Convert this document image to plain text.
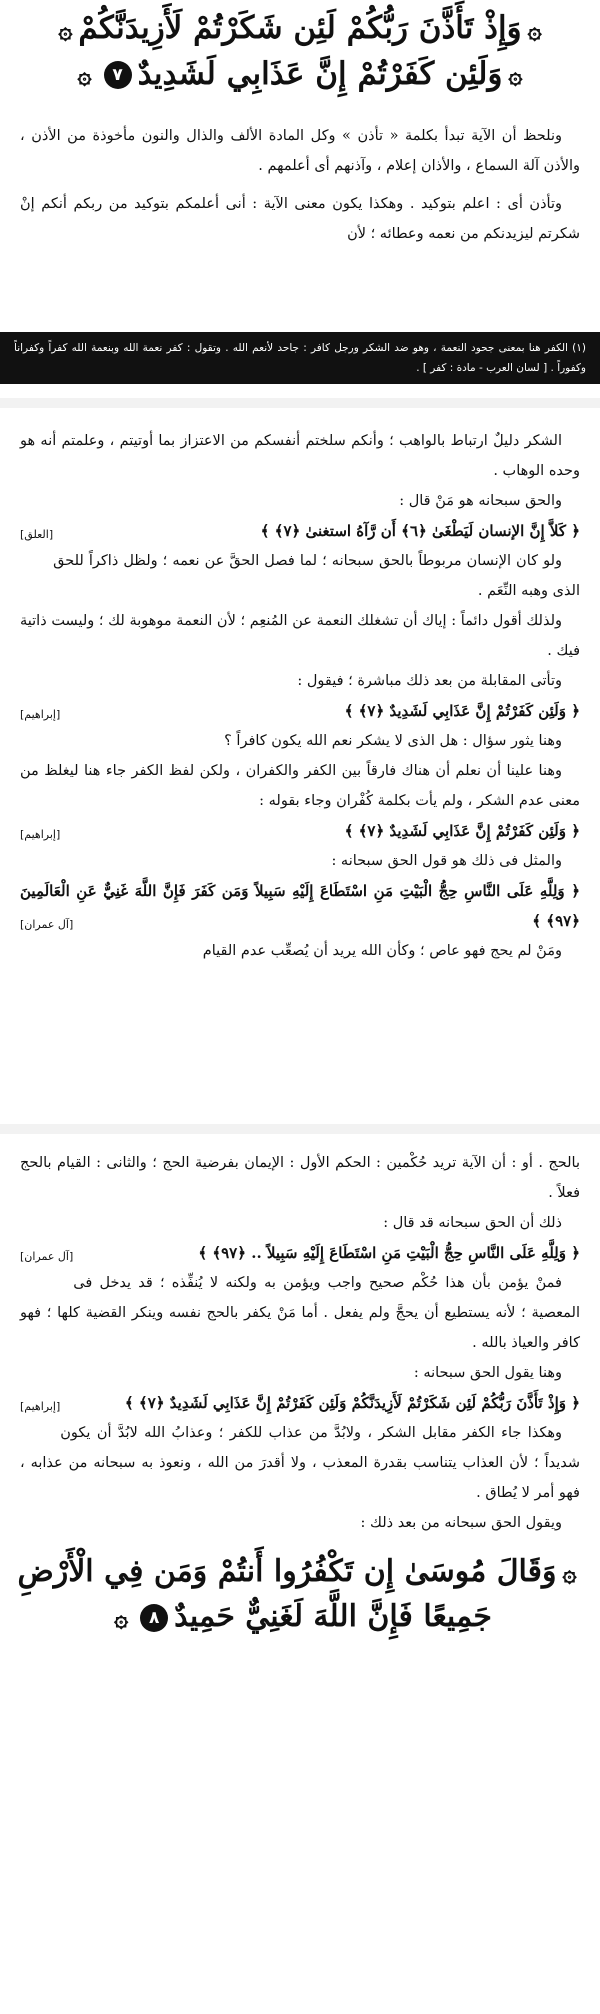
۞وَإِذْ تَأَذَّنَ رَبُّكُمْ لَئِن شَكَرْتُمْ لَأَزِيدَنَّكُمْ۞
۞وَلَئِن كَفَرْتُمْ إِنَّ عَذَابِي لَشَدِيدٌ٧۞

ونلحظ أن الآية تبدأ بكلمة « تأذن » وكل المادة الألف والذال والنون مأخوذة من الأذن ، والأذن آلة السماع ، والأذان إعلام ، وآذنهم أى أعلمهم .

وتأذن أى : اعلم بتوكيد . وهكذا يكون معنى الآية : أنى أعلمكم بتوكيد من ربكم أنكم إنْ شكرتم ليزيدنكم من نعمه وعطائه ؛ لأن

(١) الكفر هنا بمعنى جحود النعمة ، وهو ضد الشكر ورجل كافر : جاحد لأنعم الله . وتقول : كفر نعمة الله وبنعمة الله كفراً وكفراناً وكفوراً . [ لسان العرب - مادة : كفر ] .

الشكر دليلٌ ارتباط بالواهب ؛ وأنكم سلختم أنفسكم من الاعتزاز بما أوتيتم ، وعلمتم أنه هو وحده الوهاب .

والحق سبحانه هو مَنْ قال :

﴿ كَلاَّ إِنَّ الإنسان لَيَطْغَىٰ ﴿٦﴾ أَن رَّآهُ استغنىٰ ﴿٧﴾ ﴾
[العلق]

ولو كان الإنسان مربوطاً بالحق سبحانه ؛ لما فصل الحقَّ عن نعمه ؛ ولظل ذاكراً للحق الذى وهبه النِّعَم .

ولذلك أقول دائماً : إياك أن تشغلك النعمة عن المُنعِم ؛ لأن النعمة موهوبة لك ؛ وليست ذاتية فيك .

وتأتى المقابلة من بعد ذلك مباشرة ؛ فيقول :

﴿ وَلَئِن كَفَرْتُمْ إِنَّ عَذَابِي لَشَدِيدٌ ﴿٧﴾ ﴾
[إبراهيم]

وهنا يثور سؤال : هل الذى لا يشكر نعم الله يكون كافراً ؟

وهنا علينا أن نعلم أن هناك فارقاً بين الكفر والكفران ، ولكن لفظ الكفر جاء هنا ليغلظ من معنى عدم الشكر ، ولم يأت بكلمة كُفْران وجاء بقوله :

﴿ وَلَئِن كَفَرْتُمْ إِنَّ عَذَابِي لَشَدِيدٌ ﴿٧﴾ ﴾
[إبراهيم]

والمثل فى ذلك هو قول الحق سبحانه :

﴿ وَلِلَّهِ عَلَى النَّاسِ حِجُّ الْبَيْتِ مَنِ اسْتَطَاعَ إِلَيْهِ سَبِيلاً وَمَن كَفَرَ فَإِنَّ اللَّهَ غَنِيٌّ عَنِ الْعَالَمِينَ ﴿٩٧﴾ ﴾
[آل عمران]

ومَنْ لم يحج فهو عاص ؛ وكأن الله يريد أن يُصعِّب عدم القيام

بالحج . أو : أن الآية تريد حُكْمين : الحكم الأول : الإيمان بفرضية الحج ؛ والثانى : القيام بالحج فعلاً .

ذلك أن الحق سبحانه قد قال :

﴿ وَلِلَّهِ عَلَى النَّاسِ حِجُّ الْبَيْتِ مَنِ اسْتَطَاعَ إِلَيْهِ سَبِيلاً .. ﴿٩٧﴾ ﴾
[آل عمران]

فمنْ يؤمن بأن هذا حُكْم صحيح واجب ويؤمن به ولكنه لا يُنفِّذه ؛ قد يدخل فى المعصية ؛ لأنه يستطيع أن يحجَّ ولم يفعل . أما مَنْ يكفر بالحج نفسه وينكر القضية كلها ؛ فهو كافر والعياذ بالله .

وهنا يقول الحق سبحانه :

﴿ وَإِذْ تَأَذَّنَ رَبُّكُمْ لَئِن شَكَرْتُمْ لَأَزِيدَنَّكُمْ وَلَئِن كَفَرْتُمْ إِنَّ عَذَابِي لَشَدِيدٌ ﴿٧﴾ ﴾
[إبراهيم]

وهكذا جاء الكفر مقابل الشكر ، ولابُدَّ من عذاب للكفر ؛ وعذابُ الله لابُدَّ أن يكون شديداً ؛ لأن العذاب يتناسب بقدرة المعذب ، ولا أقدرَ من الله ، ونعوذ به سبحانه من عذابه ، فهو أمر لا يُطاق .

ويقول الحق سبحانه من بعد ذلك :

۞وَقَالَ مُوسَىٰ إِن تَكْفُرُوا أَنتُمْ وَمَن فِي الْأَرْضِ
جَمِيعًا فَإِنَّ اللَّهَ لَغَنِيٌّ حَمِيدٌ٨۞
